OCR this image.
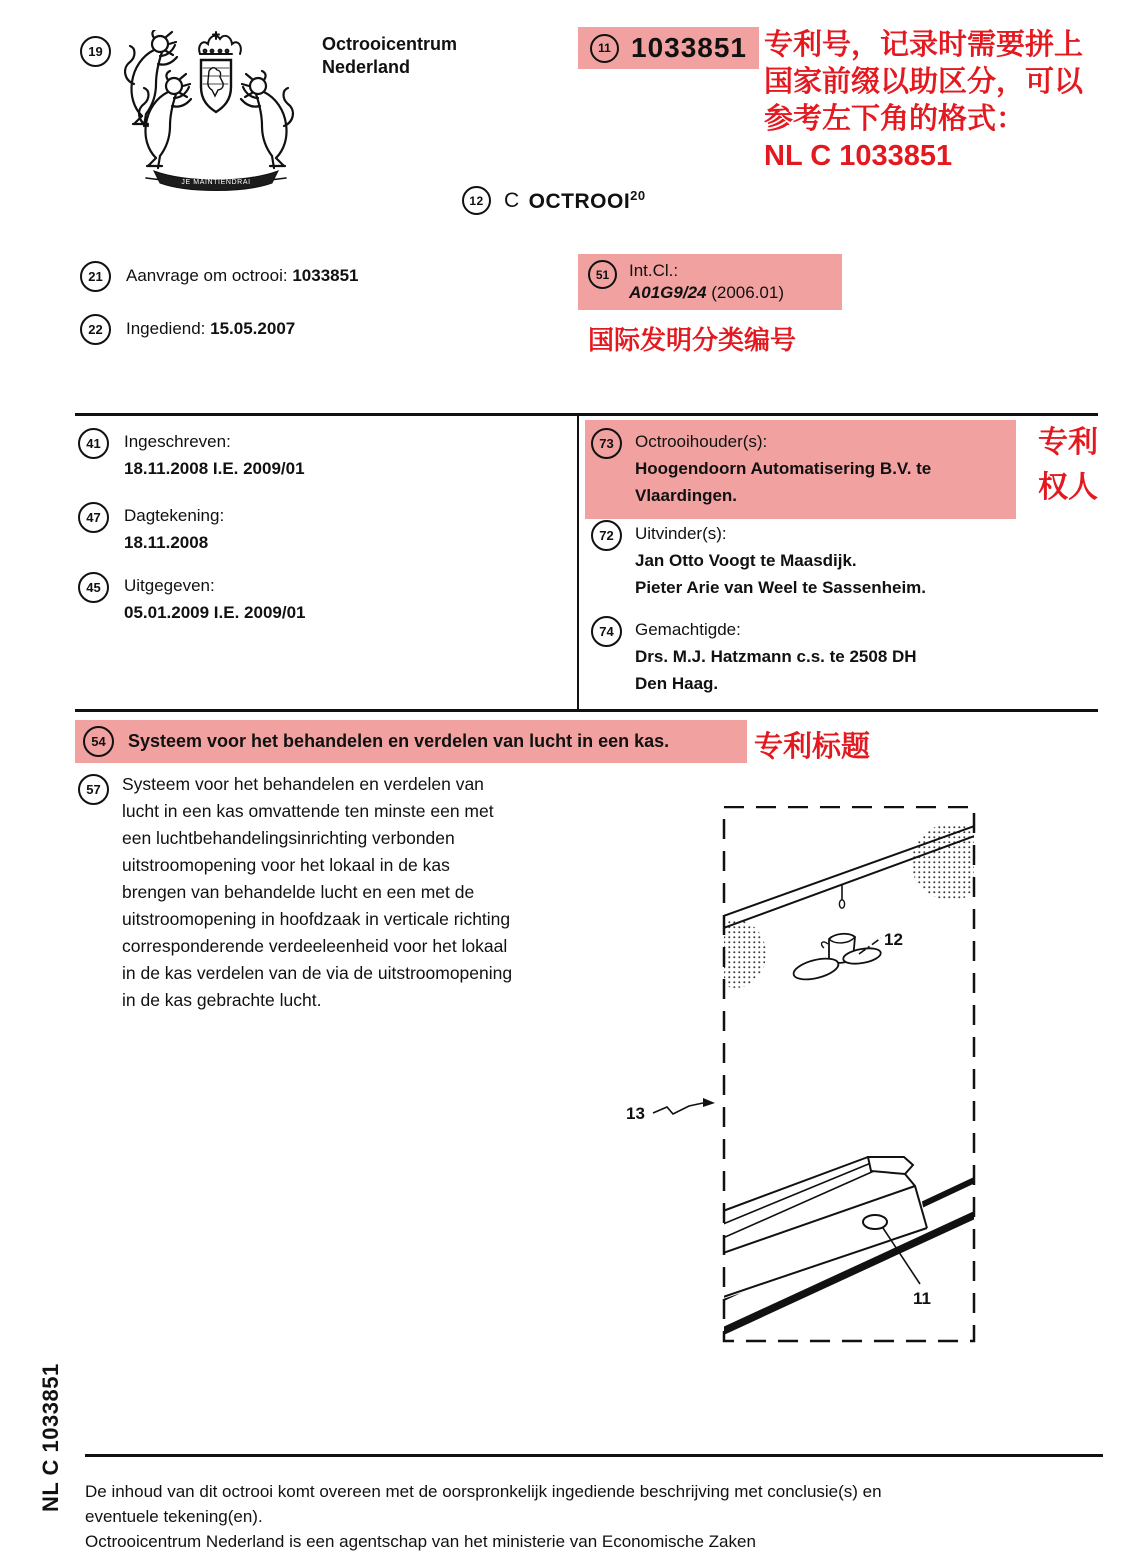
19
JE MAINTIENDRAI
Octrooicentrum
Nederland
11 1033851 专利号，记录时需要拼上
国家前缀以助区分，可以
参考左下角的格式：
NL C 1033851
12 C OCTROOI$^{20}$
21	Aanvrage om octrooi: 1033851
22	Ingediend: 15.05.2007
51	Int.Cl.:
A01G9/24 (2006.01)
国际发明分类编号
41	Ingeschreven:
18.11.2008 I.E. 2009/01
47	Dagtekening:
18.11.2008
45	Uitgegeven:
05.01.2009 I.E. 2009/01
73	Octrooihouder(s):
Hoogendoorn Automatisering B.V. te
Vlaardingen.
专利
权人
72	Uitvinder(s):
Jan Otto Voogt te Maasdijk.
Pieter Arie van Weel te Sassenheim.
74	Gemachtigde:
Drs. M.J. Hatzmann c.s. te 2508 DH
Den Haag.
54	Systeem voor het behandelen en verdelen van lucht in een kas.	专利标题
57	Systeem voor het behandelen en verdelen van
lucht in een kas omvattende ten minste een met
een luchtbehandelingsinrichting verbonden
uitstroomopening voor het lokaal in de kas
brengen van behandelde lucht en een met de
uitstroomopening in hoofdzaak in verticale richting
corresponderende verdeeleenheid voor het lokaal
in de kas verdelen van de via de uitstroomopening
in de kas gebrachte lucht.
12
11
13
NL C 1033851 De inhoud van dit octrooi komt overeen met de oorspronkelijk ingediende beschrijving met conclusie(s) en
eventuele tekening(en).
Octrooicentrum Nederland is een agentschap van het ministerie van Economische Zaken
